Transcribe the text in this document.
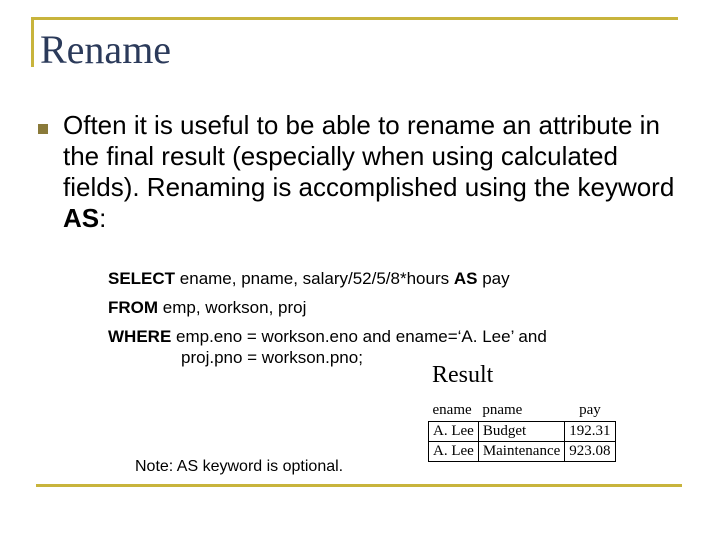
Rename

Often it is useful to be able to rename an attribute in the final result (especially when using calculated fields). Renaming is accomplished using the keyword AS:

SELECT ename, pname, salary/52/5/8*hours AS pay
FROM emp, workson, proj
WHERE emp.eno = workson.eno and ename=‘A. Lee’ and
proj.pno = workson.pno;
Result
ename	pname	pay
A. Lee	Budget	192.31
A. Lee	Maintenance	923.08
Note: AS keyword is optional.
